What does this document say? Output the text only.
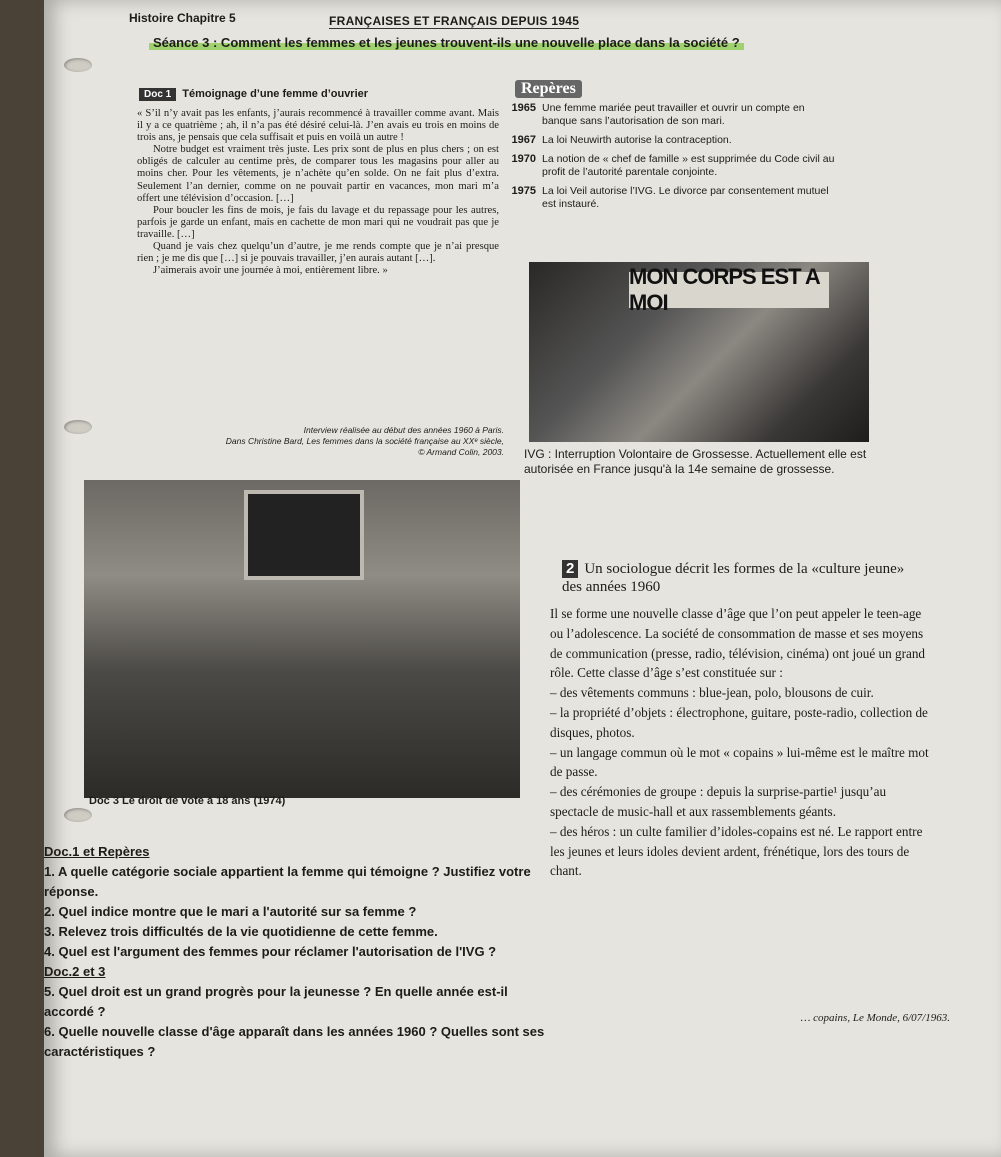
Histoire Chapitre 5	FRANÇAISES ET FRANÇAIS DEPUIS 1945
Séance 3 : Comment les femmes et les jeunes trouvent-ils une nouvelle place dans la société ?
Doc 1 Témoignage d’une femme d’ouvrier

« S’il n’y avait pas les enfants, j’aurais recommencé à travailler comme avant. Mais il y a ce quatrième ; ah, il n’a pas été désiré celui-là. J’en avais eu trois en moins de trois ans, je pensais que cela suffisait et puis en voilà un autre !

Notre budget est vraiment très juste. Les prix sont de plus en plus chers ; on est obligés de calculer au centime près, de comparer tous les magasins pour aller au moins cher. Pour les vêtements, je n’achète qu’en solde. On ne fait plus d’extra. Seulement l’an dernier, comme on ne pouvait partir en vacances, mon mari m’a offert une télévision d’occasion. […]

Pour boucler les fins de mois, je fais du lavage et du repassage pour les autres, parfois je garde un enfant, mais en cachette de mon mari qui ne voudrait pas que je travaille. […]

Quand je vais chez quelqu’un d’autre, je me rends compte que je n’ai presque rien ; je me dis que […] si je pouvais travailler, j’en aurais autant […].

J’aimerais avoir une journée à moi, entièrement libre. »

Interview réalisée au début des années 1960 à Paris.
Dans Christine Bard, Les femmes dans la société française au XXᵉ siècle,
© Armand Colin, 2003.
Repères
1965 Une femme mariée peut travailler et ouvrir un compte en banque sans l’autorisation de son mari.
1967 La loi Neuwirth autorise la contraception.
1970 La notion de « chef de famille » est supprimée du Code civil au profit de l’autorité parentale conjointe.
1975 La loi Veil autorise l’IVG. Le divorce par consentement mutuel est instauré.
MON CORPS EST A MOI
IVG : Interruption Volontaire de Grossesse. Actuellement elle est autorisée en France jusqu'à la 14e semaine de grossesse.
Doc 3 Le droit de vote à 18 ans (1974)
2 Un sociologue décrit les formes de la «culture jeune» des années 1960

Il se forme une nouvelle classe d’âge que l’on peut appeler le teen-age ou l’adolescence. La société de consommation de masse et ses moyens de communication (presse, radio, télévision, cinéma) ont joué un grand rôle. Cette classe d’âge s’est constituée sur :

– des vêtements communs : blue-jean, polo, blousons de cuir.

– la propriété d’objets : électrophone, guitare, poste-radio, collection de disques, photos.

– un langage commun où le mot « copains » lui-même est le maître mot de passe.

– des cérémonies de groupe : depuis la surprise-partie¹ jusqu’au spectacle de music-hall et aux rassemblements géants.

– des héros : un culte familier d’idoles-copains est né. Le rapport entre les jeunes et leurs idoles devient ardent, frénétique, lors des tours de chant.

… copains, Le Monde, 6/07/1963.
Doc.1 et Repères
1. A quelle catégorie sociale appartient la femme qui témoigne ? Justifiez votre réponse.
2. Quel indice montre que le mari a l'autorité sur sa femme ?
3. Relevez trois difficultés de la vie quotidienne de cette femme.
4. Quel est l'argument des femmes pour réclamer l'autorisation de l'IVG ?
Doc.2 et 3
5. Quel droit est un grand progrès pour la jeunesse ? En quelle année est-il accordé ?
6. Quelle nouvelle classe d'âge apparaît dans les années 1960 ? Quelles sont ses caractéristiques ?
